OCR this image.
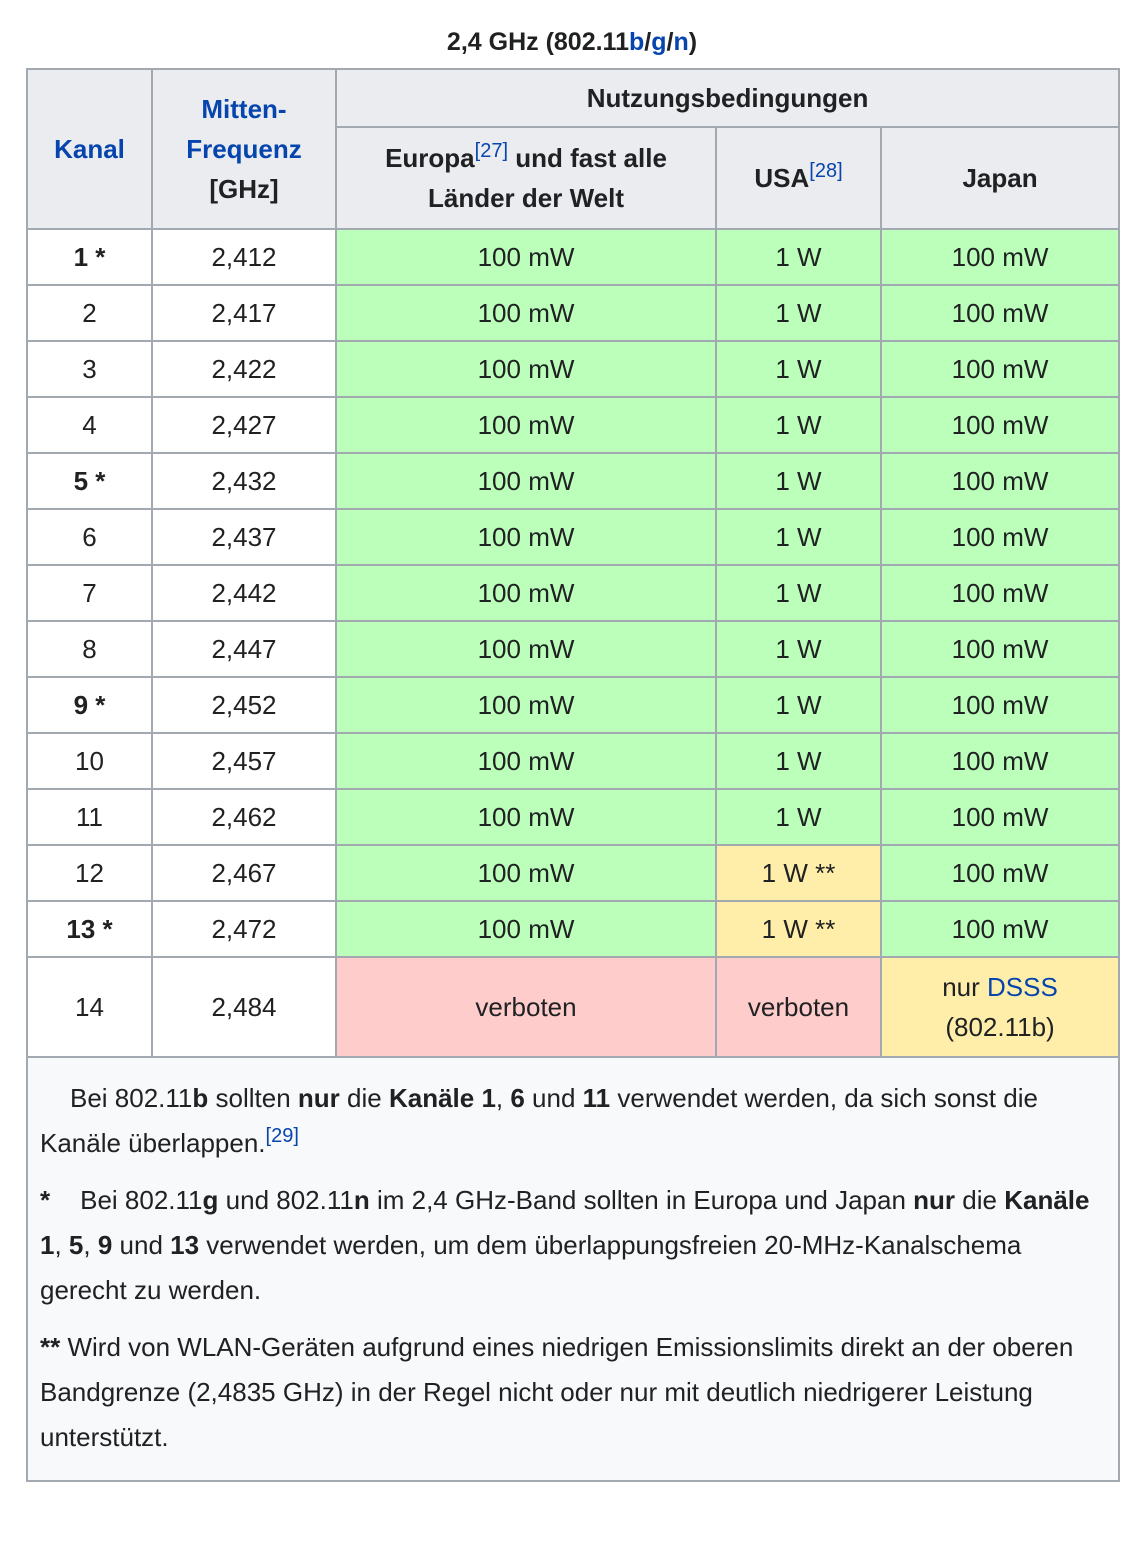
2,4 GHz (802.11b/g/n)
Kanal	Mitten-
Frequenz
[GHz]	Nutzungsbedingungen		
		Europa[27] und fast alle
Länder der Welt	USA[28]	Japan
1 *	2,412	100 mW	1 W	100 mW
2	2,417	100 mW	1 W	100 mW
3	2,422	100 mW	1 W	100 mW
4	2,427	100 mW	1 W	100 mW
5 *	2,432	100 mW	1 W	100 mW
6	2,437	100 mW	1 W	100 mW
7	2,442	100 mW	1 W	100 mW
8	2,447	100 mW	1 W	100 mW
9 *	2,452	100 mW	1 W	100 mW
10	2,457	100 mW	1 W	100 mW
11	2,462	100 mW	1 W	100 mW
12	2,467	100 mW	1 W **	100 mW
13 *	2,472	100 mW	1 W **	100 mW
14	2,484	verboten	verboten	nur DSSS
(802.11b)

Bei 802.11b sollten nur die Kanäle 1, 6 und 11 verwendet werden, da sich sonst die Kanäle überlappen.[29]

* Bei 802.11g und 802.11n im 2,4 GHz-Band sollten in Europa und Japan nur die Kanäle 1, 5, 9 und 13 verwendet werden, um dem überlappungsfreien 20-MHz-Kanalschema gerecht zu werden.

** Wird von WLAN-Geräten aufgrund eines niedrigen Emissionslimits direkt an der oberen Bandgrenze (2,4835 GHz) in der Regel nicht oder nur mit deutlich niedrigerer Leistung unterstützt.				
